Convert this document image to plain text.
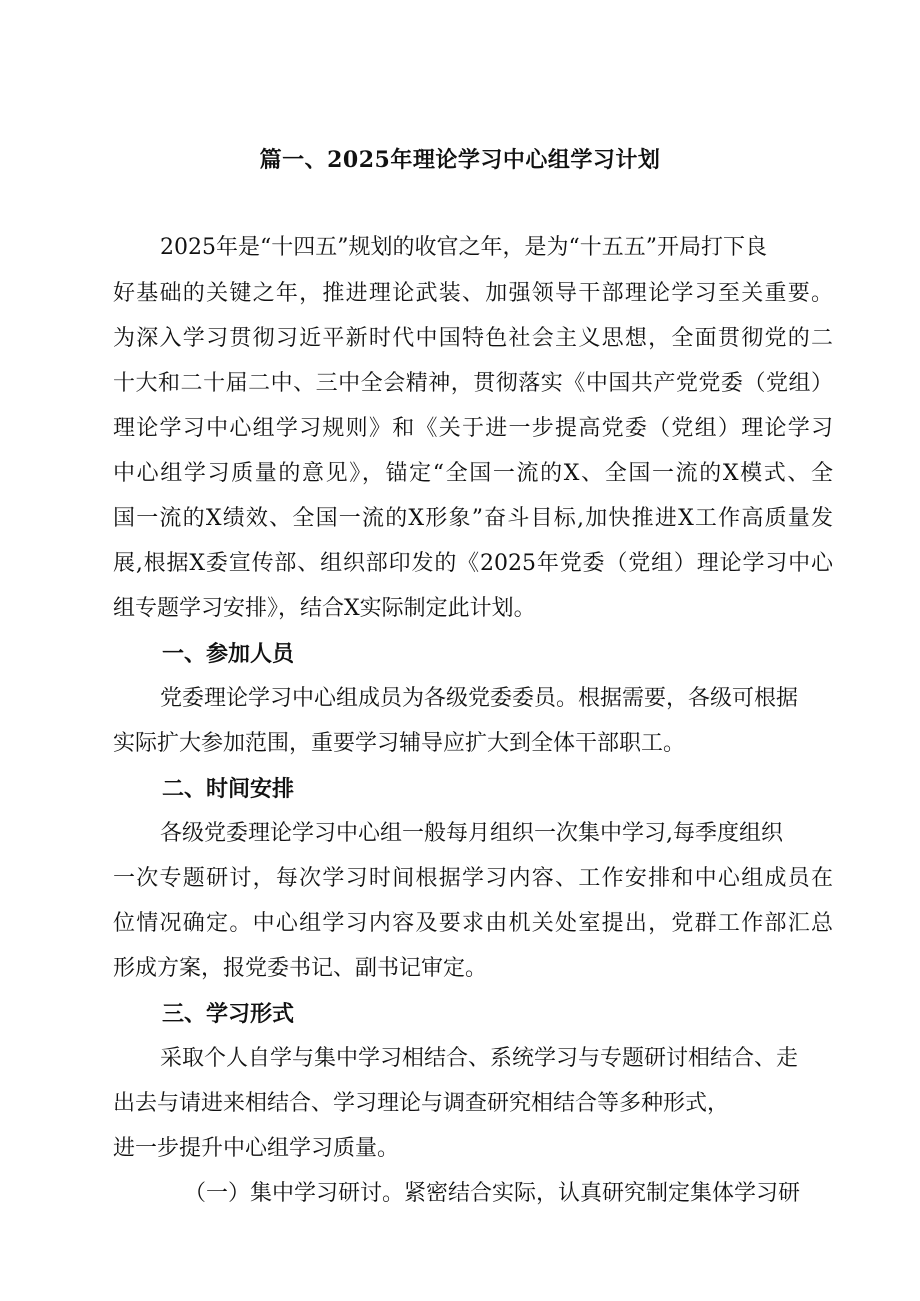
篇一、2025年理论学习中心组学习计划
2025年是“十四五”规划的收官之年，是为“十五五”开局打下良
好基础的关键之年，推进理论武装、加强领导干部理论学习至关重要。
为深入学习贯彻习近平新时代中国特色社会主义思想，全面贯彻党的二
十大和二十届二中、三中全会精神，贯彻落实《中国共产党党委（党组）
理论学习中心组学习规则》和《关于进一步提高党委（党组）理论学习
中心组学习质量的意见》，锚定“全国一流的X、全国一流的X模式、全
国一流的X绩效、全国一流的X形象”奋斗目标,加快推进X工作高质量发
展,根据X委宣传部、组织部印发的《2025年党委（党组）理论学习中心
组专题学习安排》，结合X实际制定此计划。
一、参加人员
党委理论学习中心组成员为各级党委委员。根据需要，各级可根据
实际扩大参加范围，重要学习辅导应扩大到全体干部职工。
二、时间安排
各级党委理论学习中心组一般每月组织一次集中学习,每季度组织
一次专题研讨，每次学习时间根据学习内容、工作安排和中心组成员在
位情况确定。中心组学习内容及要求由机关处室提出，党群工作部汇总
形成方案，报党委书记、副书记审定。
三、学习形式
采取个人自学与集中学习相结合、系统学习与专题研讨相结合、走
出去与请进来相结合、学习理论与调查研究相结合等多种形式，
进一步提升中心组学习质量。
（一）集中学习研讨。紧密结合实际，认真研究制定集体学习研
